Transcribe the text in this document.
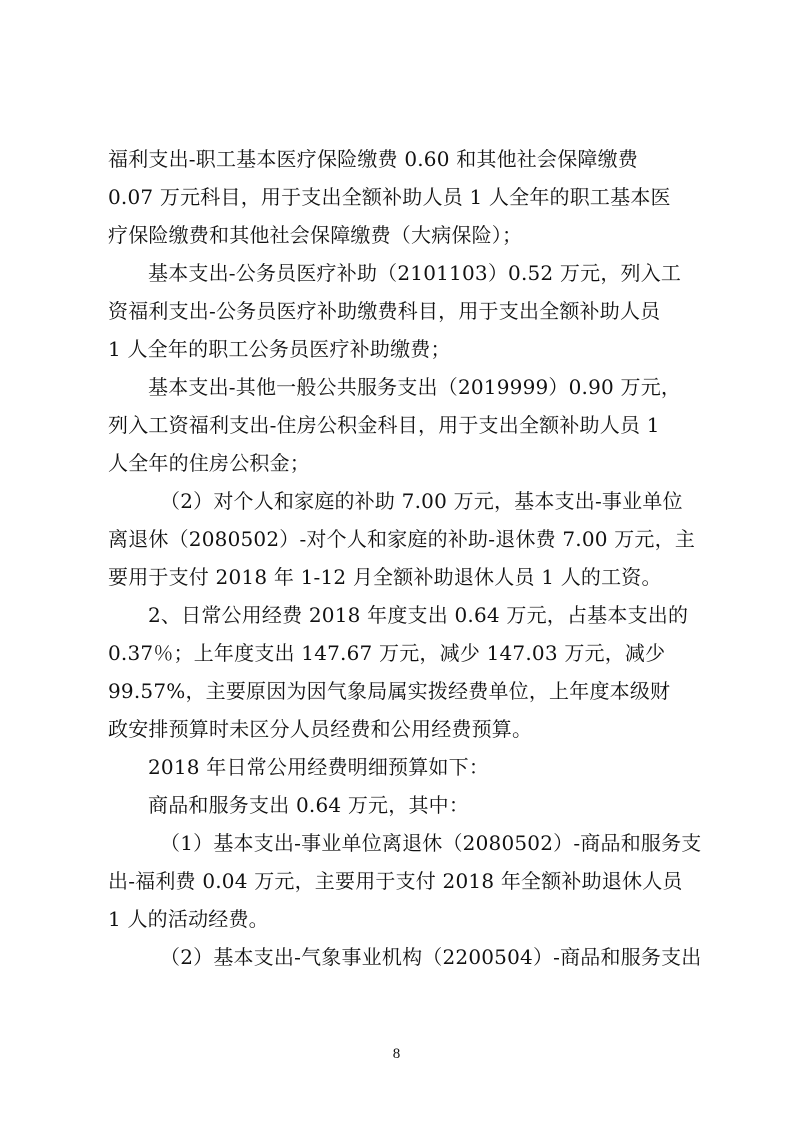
福利支出-职工基本医疗保险缴费 0.60 和其他社会保障缴费
0.07 万元科目，用于支出全额补助人员 1 人全年的职工基本医
疗保险缴费和其他社会保障缴费（大病保险）；
基本支出-公务员医疗补助（2101103）0.52 万元，列入工
资福利支出-公务员医疗补助缴费科目，用于支出全额补助人员
1 人全年的职工公务员医疗补助缴费；
基本支出-其他一般公共服务支出（2019999）0.90 万元，
列入工资福利支出-住房公积金科目，用于支出全额补助人员 1
人全年的住房公积金；
（2）对个人和家庭的补助 7.00 万元，基本支出-事业单位
离退休（2080502）-对个人和家庭的补助-退休费 7.00 万元，主
要用于支付 2018 年 1-12 月全额补助退休人员 1 人的工资。
2、日常公用经费 2018 年度支出 0.64 万元，占基本支出的
0.37％；上年度支出 147.67 万元，减少 147.03 万元，减少
99.57%，主要原因为因气象局属实拨经费单位，上年度本级财
政安排预算时未区分人员经费和公用经费预算。
2018 年日常公用经费明细预算如下：
商品和服务支出 0.64 万元，其中：
（1）基本支出-事业单位离退休（2080502）-商品和服务支
出-福利费 0.04 万元，主要用于支付 2018 年全额补助退休人员
1 人的活动经费。
（2）基本支出-气象事业机构（2200504）-商品和服务支出
8
